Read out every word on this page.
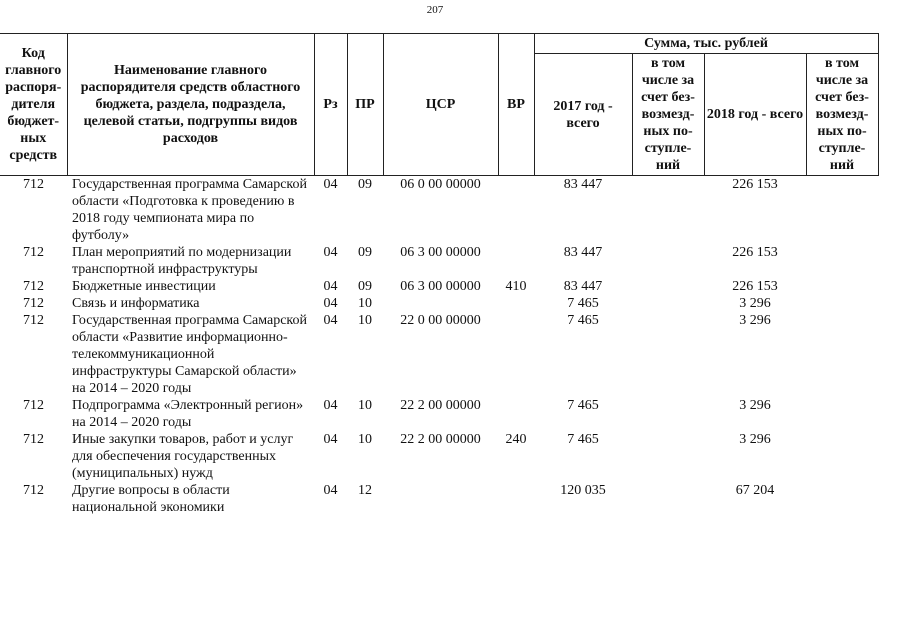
207
Код главного распоря-дителя бюджет-ных средств	Наименование главного распорядителя средств областного бюджета, раздела, подраздела, целевой статьи, подгруппы видов расходов	Рз	ПР	ЦСР	ВР	Сумма, тыс. рублей			
						2017 год - всего	в том числе за счет без-возмезд-ных по-ступле-ний	2018 год - всего	в том числе за счет без-возмезд-ных по-ступле-ний
712	Государственная программа Самарской области «Подготовка к проведению в 2018 году чемпионата мира по футболу»	04	09	06 0 00 00000		83 447		226 153	
712	План мероприятий по модернизации транспортной инфраструктуры	04	09	06 3 00 00000		83 447		226 153	
712	Бюджетные инвестиции	04	09	06 3 00 00000	410	83 447		226 153	
712	Связь и информатика	04	10			7 465		3 296	
712	Государственная программа Самарской области «Развитие информационно-телекоммуникационной инфраструктуры Самарской области» на 2014 – 2020 годы	04	10	22 0 00 00000		7 465		3 296	
712	Подпрограмма «Электронный регион» на 2014 – 2020 годы	04	10	22 2 00 00000		7 465		3 296	
712	Иные закупки товаров, работ и услуг для обеспечения государственных (муниципальных) нужд	04	10	22 2 00 00000	240	7 465		3 296	
712	Другие вопросы в области национальной экономики	04	12			120 035		67 204	
